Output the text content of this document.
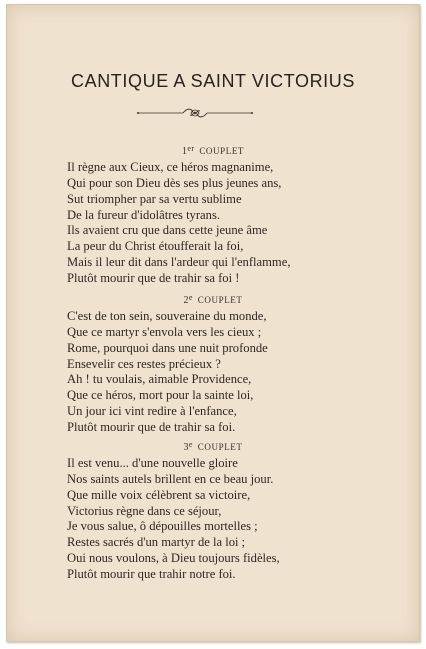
CANTIQUE A SAINT VICTORIUS
1er COUPLET
Il règne aux Cieux, ce héros magnanime,
Qui pour son Dieu dès ses plus jeunes ans,
Sut triompher par sa vertu sublime
De la fureur d'idolâtres tyrans.
Ils avaient cru que dans cette jeune âme
La peur du Christ étoufferait la foi,
Mais il leur dit dans l'ardeur qui l'enflamme,
Plutôt mourir que de trahir sa foi !
2e COUPLET
C'est de ton sein, souveraine du monde,
Que ce martyr s'envola vers les cieux ;
Rome, pourquoi dans une nuit profonde
Ensevelir ces restes précieux ?
Ah ! tu voulais, aimable Providence,
Que ce héros, mort pour la sainte loi,
Un jour ici vint redire à l'enfance,
Plutôt mourir que de trahir sa foi.
3e COUPLET
Il est venu... d'une nouvelle gloire
Nos saints autels brillent en ce beau jour.
Que mille voix célèbrent sa victoire,
Victorius règne dans ce séjour,
Je vous salue, ô dépouilles mortelles ;
Restes sacrés d'un martyr de la loi ;
Oui nous voulons, à Dieu toujours fidèles,
Plutôt mourir que trahir notre foi.
